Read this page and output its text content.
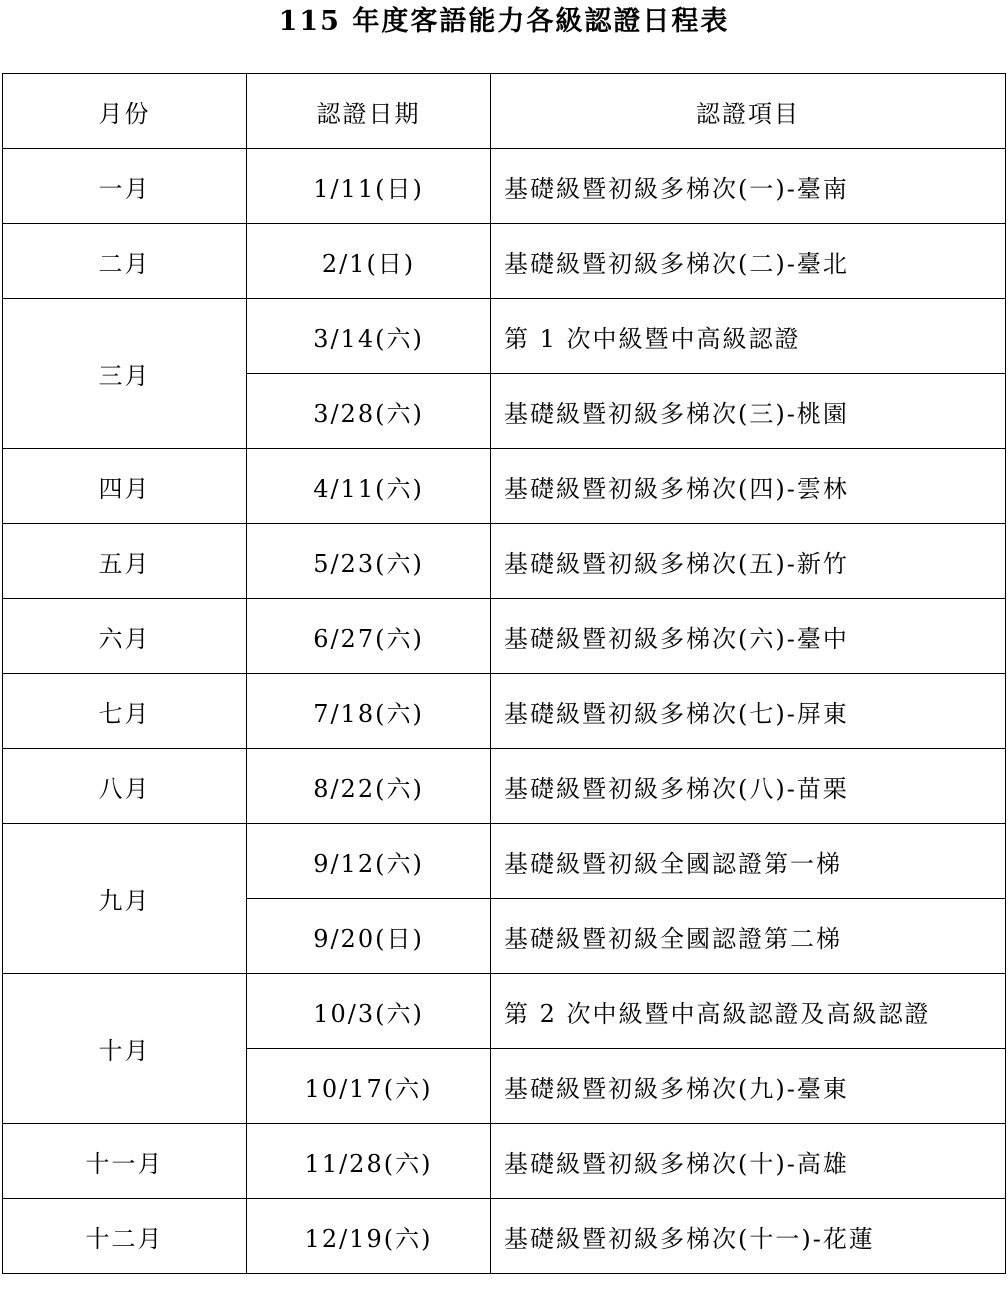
115 年度客語能力各級認證日程表
月份	認證日期	認證項目
一月	1/11(日)	基礎級暨初級多梯次(一)-臺南
二月	2/1(日)	基礎級暨初級多梯次(二)-臺北
三月	3/14(六)	第 1 次中級暨中高級認證
	3/28(六)	基礎級暨初級多梯次(三)-桃園
四月	4/11(六)	基礎級暨初級多梯次(四)-雲林
五月	5/23(六)	基礎級暨初級多梯次(五)-新竹
六月	6/27(六)	基礎級暨初級多梯次(六)-臺中
七月	7/18(六)	基礎級暨初級多梯次(七)-屏東
八月	8/22(六)	基礎級暨初級多梯次(八)-苗栗
九月	9/12(六)	基礎級暨初級全國認證第一梯
	9/20(日)	基礎級暨初級全國認證第二梯
十月	10/3(六)	第 2 次中級暨中高級認證及高級認證
	10/17(六)	基礎級暨初級多梯次(九)-臺東
十一月	11/28(六)	基礎級暨初級多梯次(十)-高雄
十二月	12/19(六)	基礎級暨初級多梯次(十一)-花蓮
